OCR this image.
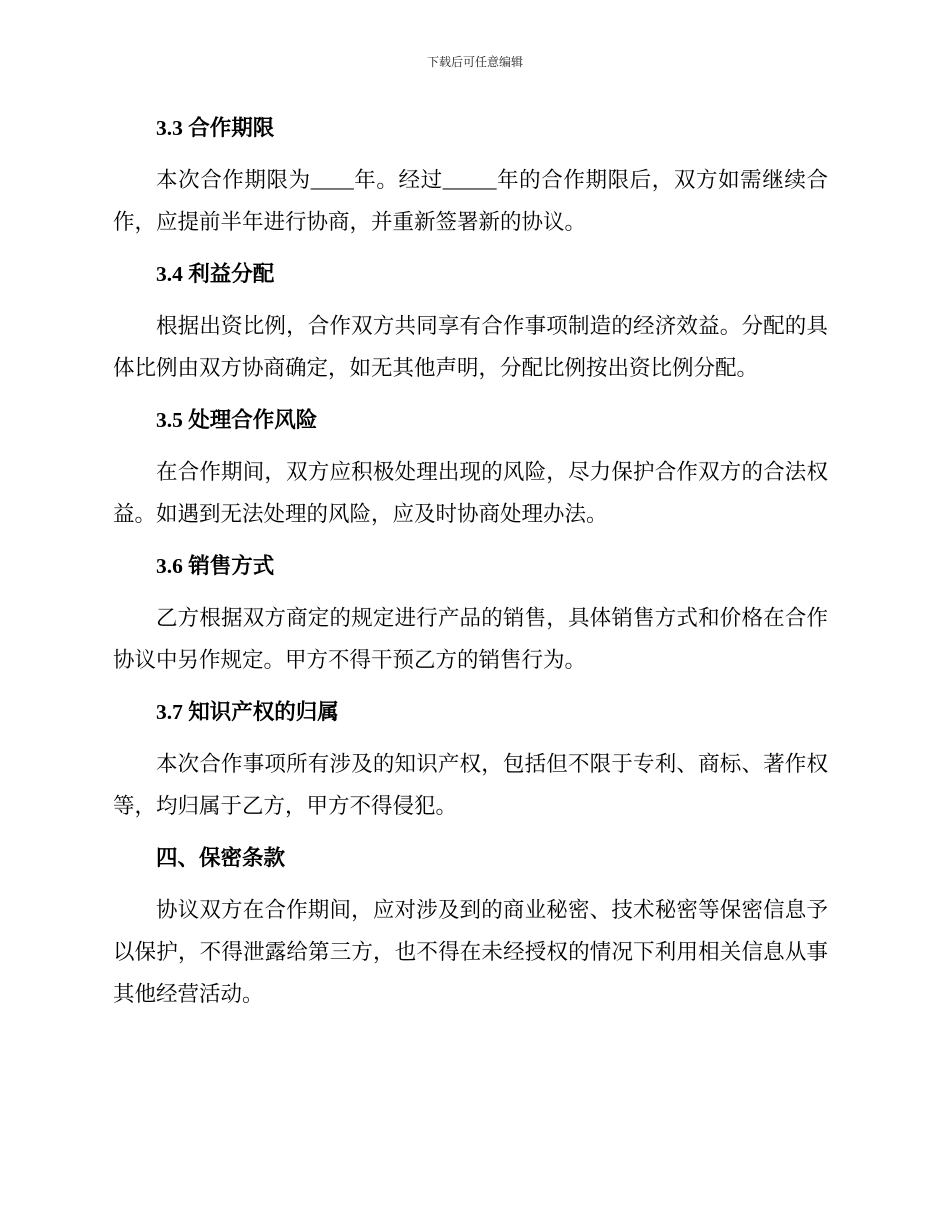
下载后可任意编辑
3.3 合作期限

本次合作期限为____年。经过_____年的合作期限后，双方如需继续合作，应提前半年进行协商，并重新签署新的协议。

3.4 利益分配

根据出资比例，合作双方共同享有合作事项制造的经济效益。分配的具体比例由双方协商确定，如无其他声明，分配比例按出资比例分配。

3.5 处理合作风险

在合作期间，双方应积极处理出现的风险，尽力保护合作双方的合法权益。如遇到无法处理的风险，应及时协商处理办法。

3.6 销售方式

乙方根据双方商定的规定进行产品的销售，具体销售方式和价格在合作协议中另作规定。甲方不得干预乙方的销售行为。

3.7 知识产权的归属

本次合作事项所有涉及的知识产权，包括但不限于专利、商标、著作权等，均归属于乙方，甲方不得侵犯。

四、保密条款

协议双方在合作期间，应对涉及到的商业秘密、技术秘密等保密信息予以保护，不得泄露给第三方，也不得在未经授权的情况下利用相关信息从事其他经营活动。
